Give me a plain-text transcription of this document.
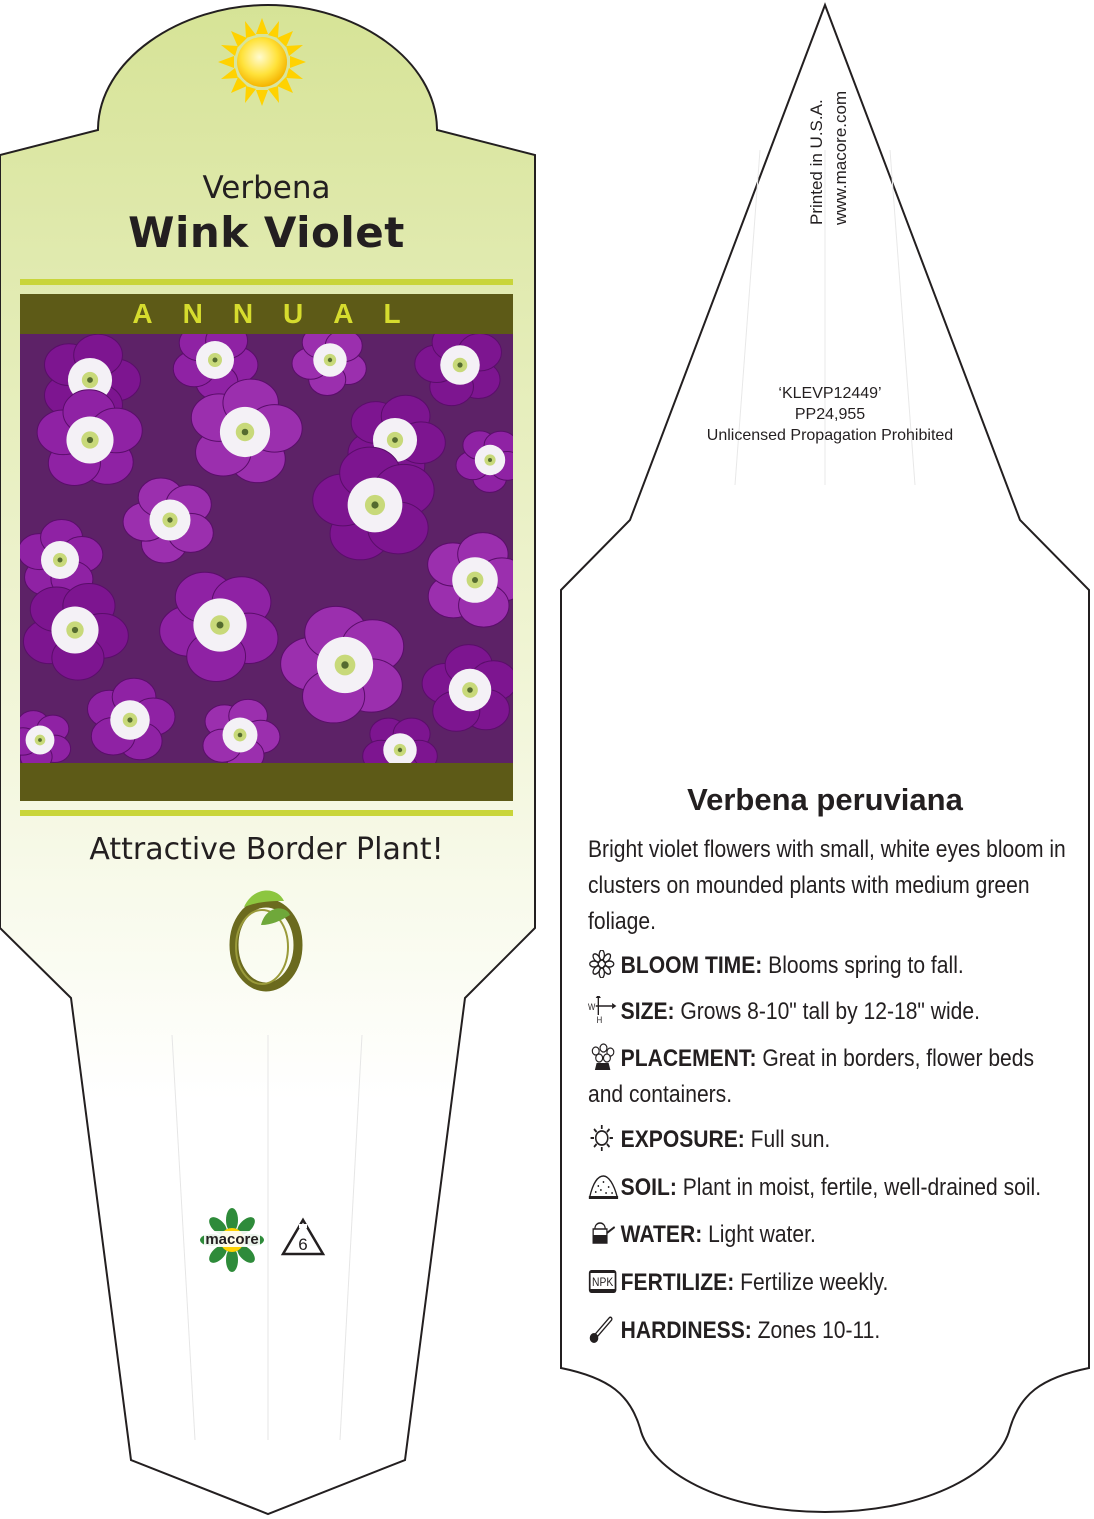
macore 6
Verbena
Wink Violet
ANNUAL
Attractive Border Plant!
Printed in U.S.A. www.macore.com
‘KLEVP12449’
PP24,955
Unlicensed Propagation Prohibited
Verbena peruviana
Bright violet flowers with small, white eyes bloom in clusters on mounded plants with medium green foliage.
BLOOM TIME: Blooms spring to fall.
W
H SIZE: Grows 8-10" tall by 12-18" wide.
PLACEMENT: Great in borders, flower beds and containers.
EXPOSURE: Full sun.
SOIL: Plant in moist, fertile, well-drained soil.
WATER: Light water.
NPK FERTILIZE: Fertilize weekly.
HARDINESS: Zones 10-11.
